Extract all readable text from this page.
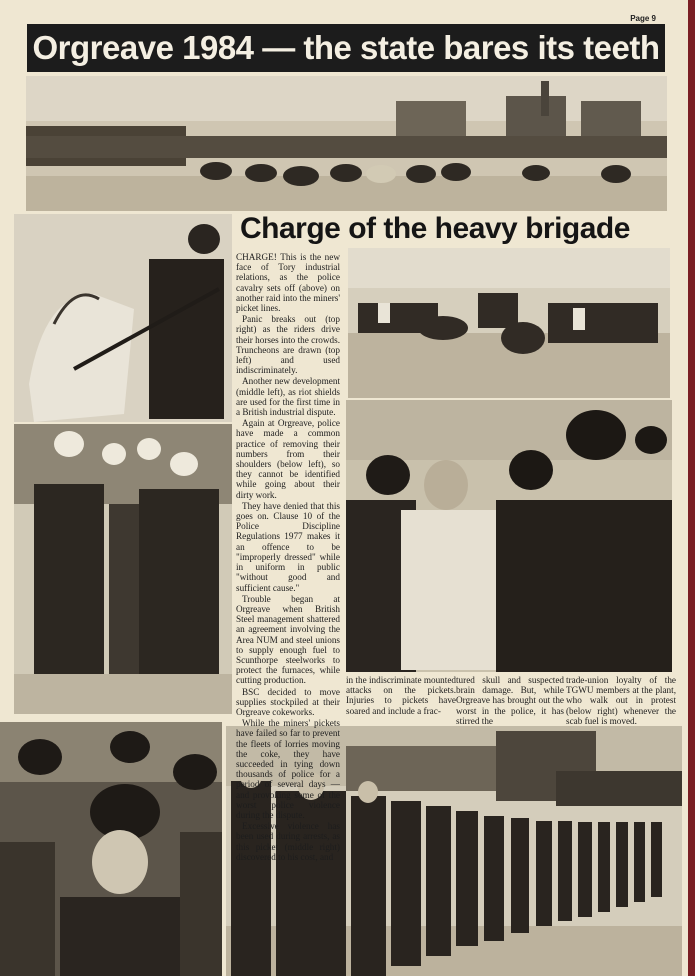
Page 9
Orgreave 1984 — the state bares its teeth
Charge of the heavy brigade

CHARGE! This is the new face of Tory industrial relations, as the police cavalry sets off (above) on another raid into the miners' picket lines.

Panic breaks out (top right) as the riders drive their horses into the crowds. Truncheons are drawn (top left) and used indiscriminately.

Another new development (middle left), as riot shields are used for the first time in a British industrial dispute.

Again at Orgreave, police have made a common practice of removing their numbers from their shoulders (below left), so they cannot be identified while going about their dirty work.

They have denied that this goes on. Clause 10 of the Police Discipline Regulations 1977 makes it an offence to be "improperly dressed" while in uniform in public "without good and sufficient cause."

Trouble began at Orgreave when British Steel management shattered an agreement involving the Area NUM and steel unions to supply enough fuel to Scunthorpe steelworks to protect the furnaces, while cutting production.

BSC decided to move supplies stockpiled at their Orgreave cokeworks.

While the miners' pickets have failed so far to prevent the fleets of lorries moving the coke, they have succeeded in tying down thousands of police for a period of several days — and provoking some of the worst police violence during the dispute.

Excessive violence has been used during arrests, as this picket (middle right) discovered to his cost, and

in the indiscriminate mounted attacks on the pickets. Injuries to pickets have soared and include a frac-
tured skull and suspected brain damage. But, while Orgreave has brought out the worst in the police, it has stirred the
trade-union loyalty of the TGWU members at the plant, who walk out in protest (below right) whenever the scab fuel is moved.
